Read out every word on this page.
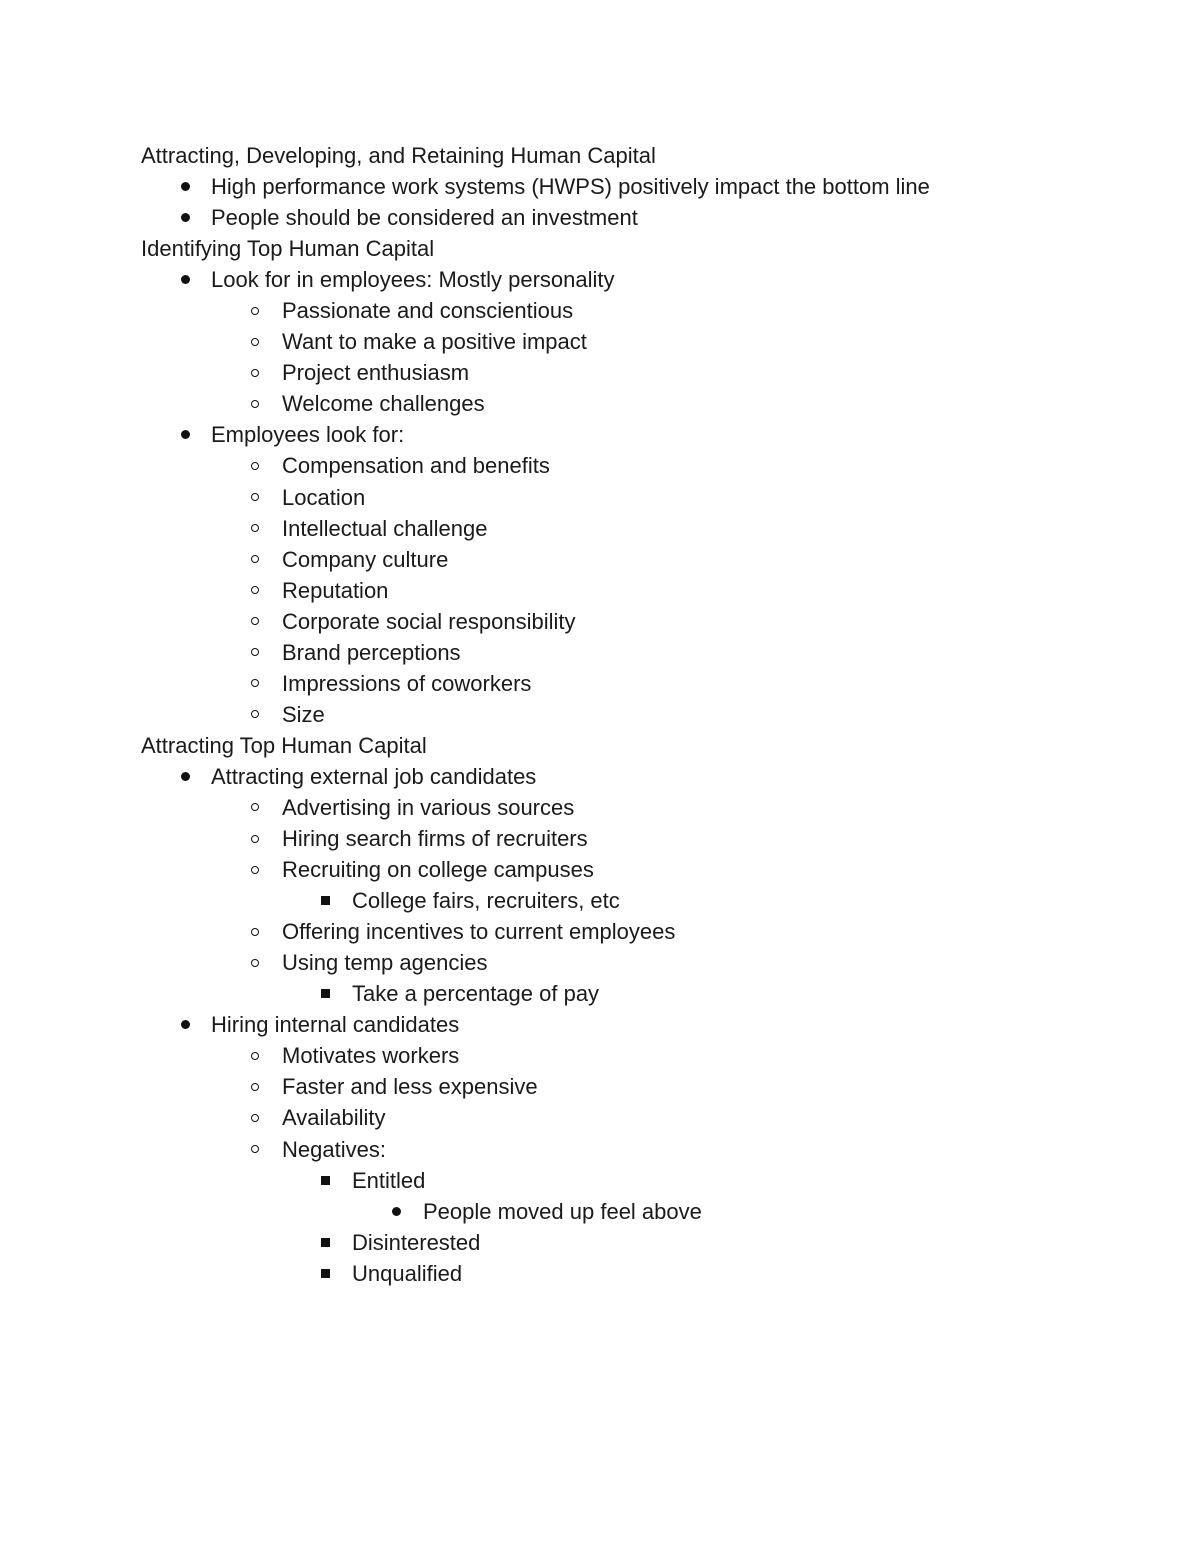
Attracting, Developing, and Retaining Human Capital
High performance work systems (HWPS) positively impact the bottom line
People should be considered an investment
Identifying Top Human Capital
Look for in employees: Mostly personality
Passionate and conscientious
Want to make a positive impact
Project enthusiasm
Welcome challenges
Employees look for:
Compensation and benefits
Location
Intellectual challenge
Company culture
Reputation
Corporate social responsibility
Brand perceptions
Impressions of coworkers
Size
Attracting Top Human Capital
Attracting external job candidates
Advertising in various sources
Hiring search firms of recruiters
Recruiting on college campuses
College fairs, recruiters, etc
Offering incentives to current employees
Using temp agencies
Take a percentage of pay
Hiring internal candidates
Motivates workers
Faster and less expensive
Availability
Negatives:
Entitled
People moved up feel above
Disinterested
Unqualified
